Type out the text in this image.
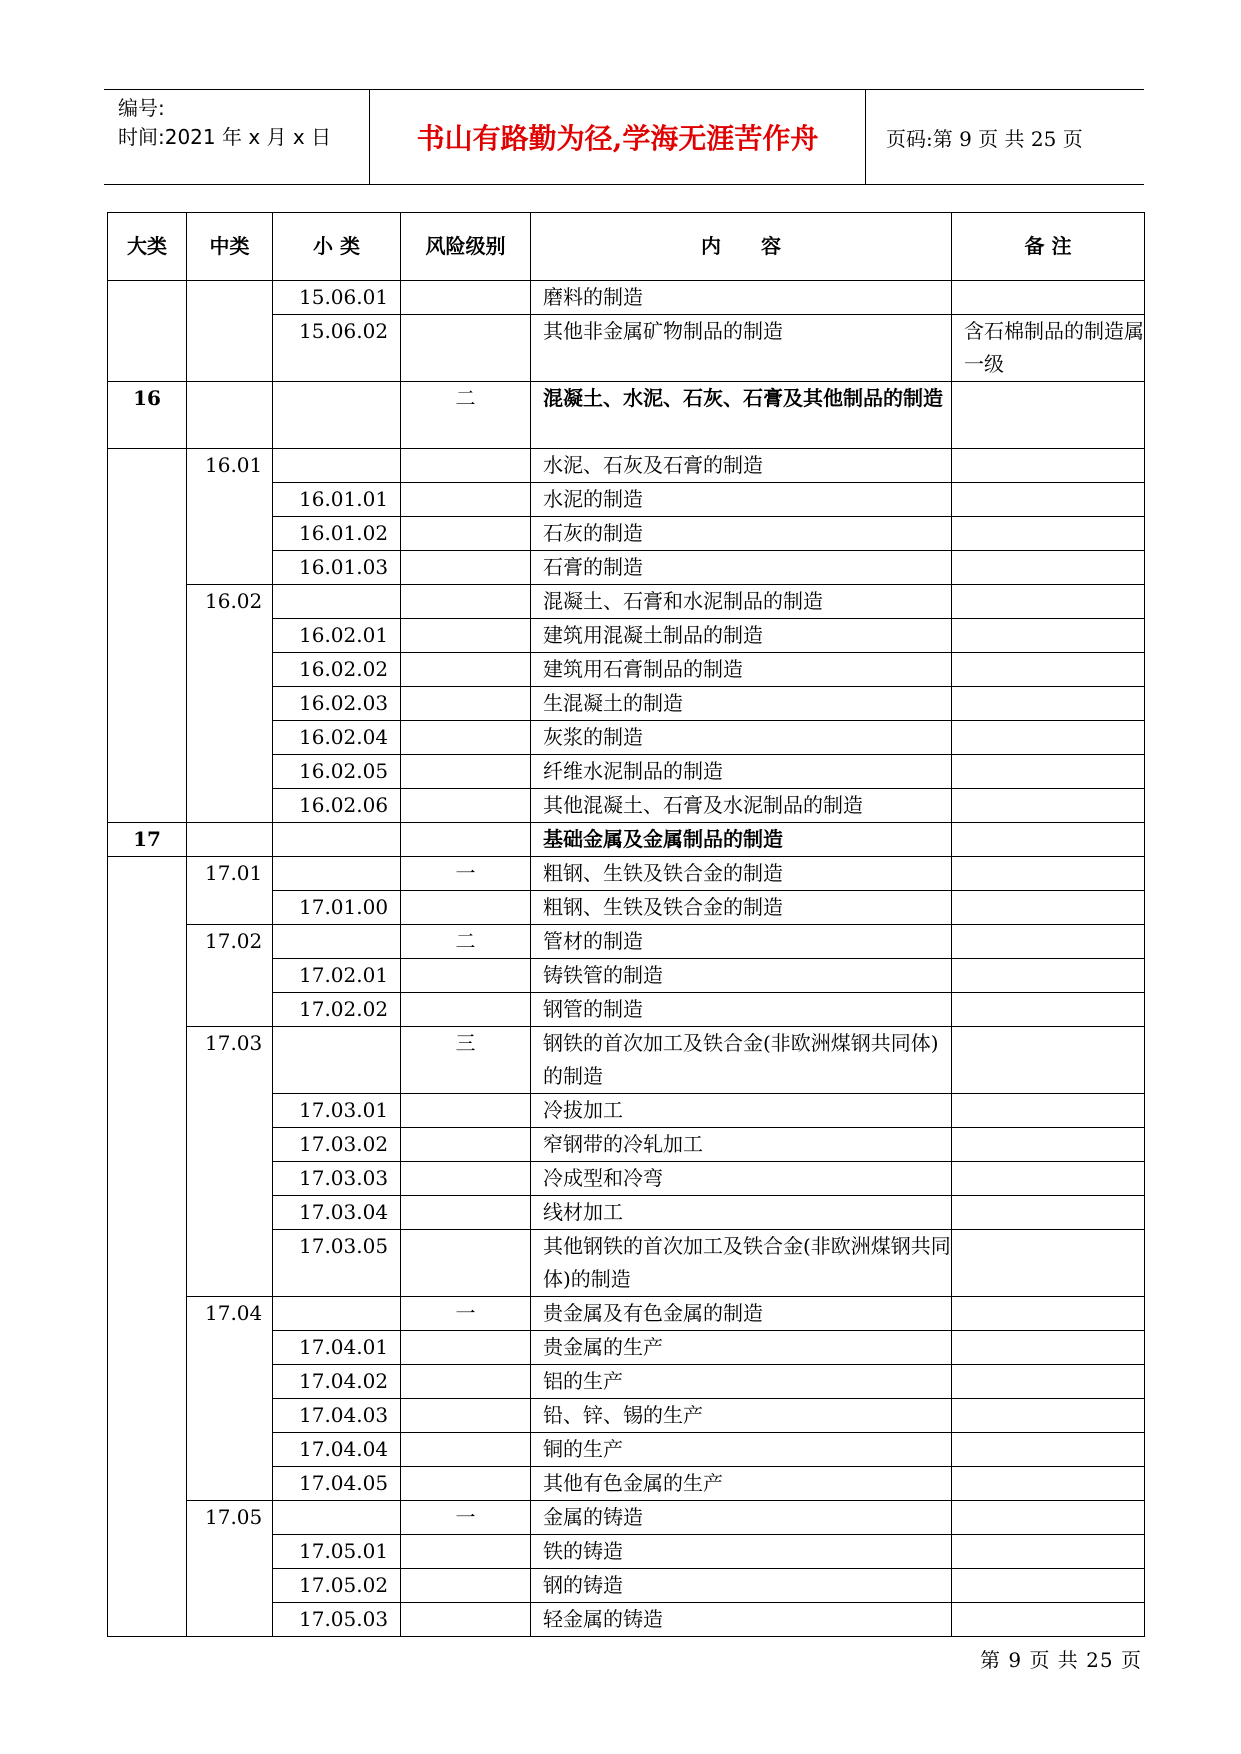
编号:
时间:2021 年 x 月 x 日	书山有路勤为径,学海无涯苦作舟	页码:第 9 页 共 25 页
大类	中类	小 类	风险级别	内　　容	备 注
		15.06.01		磨料的制造	
		15.06.02		其他非金属矿物制品的制造	含石棉制品的制造属一级
16			二	混凝土、水泥、石灰、石膏及其他制品的制造	
	16.01			水泥、石灰及石膏的制造	
		16.01.01		水泥的制造	
		16.01.02		石灰的制造	
		16.01.03		石膏的制造	
	16.02			混凝土、石膏和水泥制品的制造	
		16.02.01		建筑用混凝土制品的制造	
		16.02.02		建筑用石膏制品的制造	
		16.02.03		生混凝土的制造	
		16.02.04		灰浆的制造	
		16.02.05		纤维水泥制品的制造	
		16.02.06		其他混凝土、石膏及水泥制品的制造	
17				基础金属及金属制品的制造	
	17.01		一	粗钢、生铁及铁合金的制造	
		17.01.00		粗钢、生铁及铁合金的制造	
	17.02		二	管材的制造	
		17.02.01		铸铁管的制造	
		17.02.02		钢管的制造	
	17.03		三	钢铁的首次加工及铁合金(非欧洲煤钢共同体)的制造	
		17.03.01		冷拔加工	
		17.03.02		窄钢带的冷轧加工	
		17.03.03		冷成型和冷弯	
		17.03.04		线材加工	
		17.03.05		其他钢铁的首次加工及铁合金(非欧洲煤钢共同体)的制造	
	17.04		一	贵金属及有色金属的制造	
		17.04.01		贵金属的生产	
		17.04.02		铝的生产	
		17.04.03		铅、锌、锡的生产	
		17.04.04		铜的生产	
		17.04.05		其他有色金属的生产	
	17.05		一	金属的铸造	
		17.05.01		铁的铸造	
		17.05.02		钢的铸造	
		17.05.03		轻金属的铸造	
第 9 页 共 25 页
